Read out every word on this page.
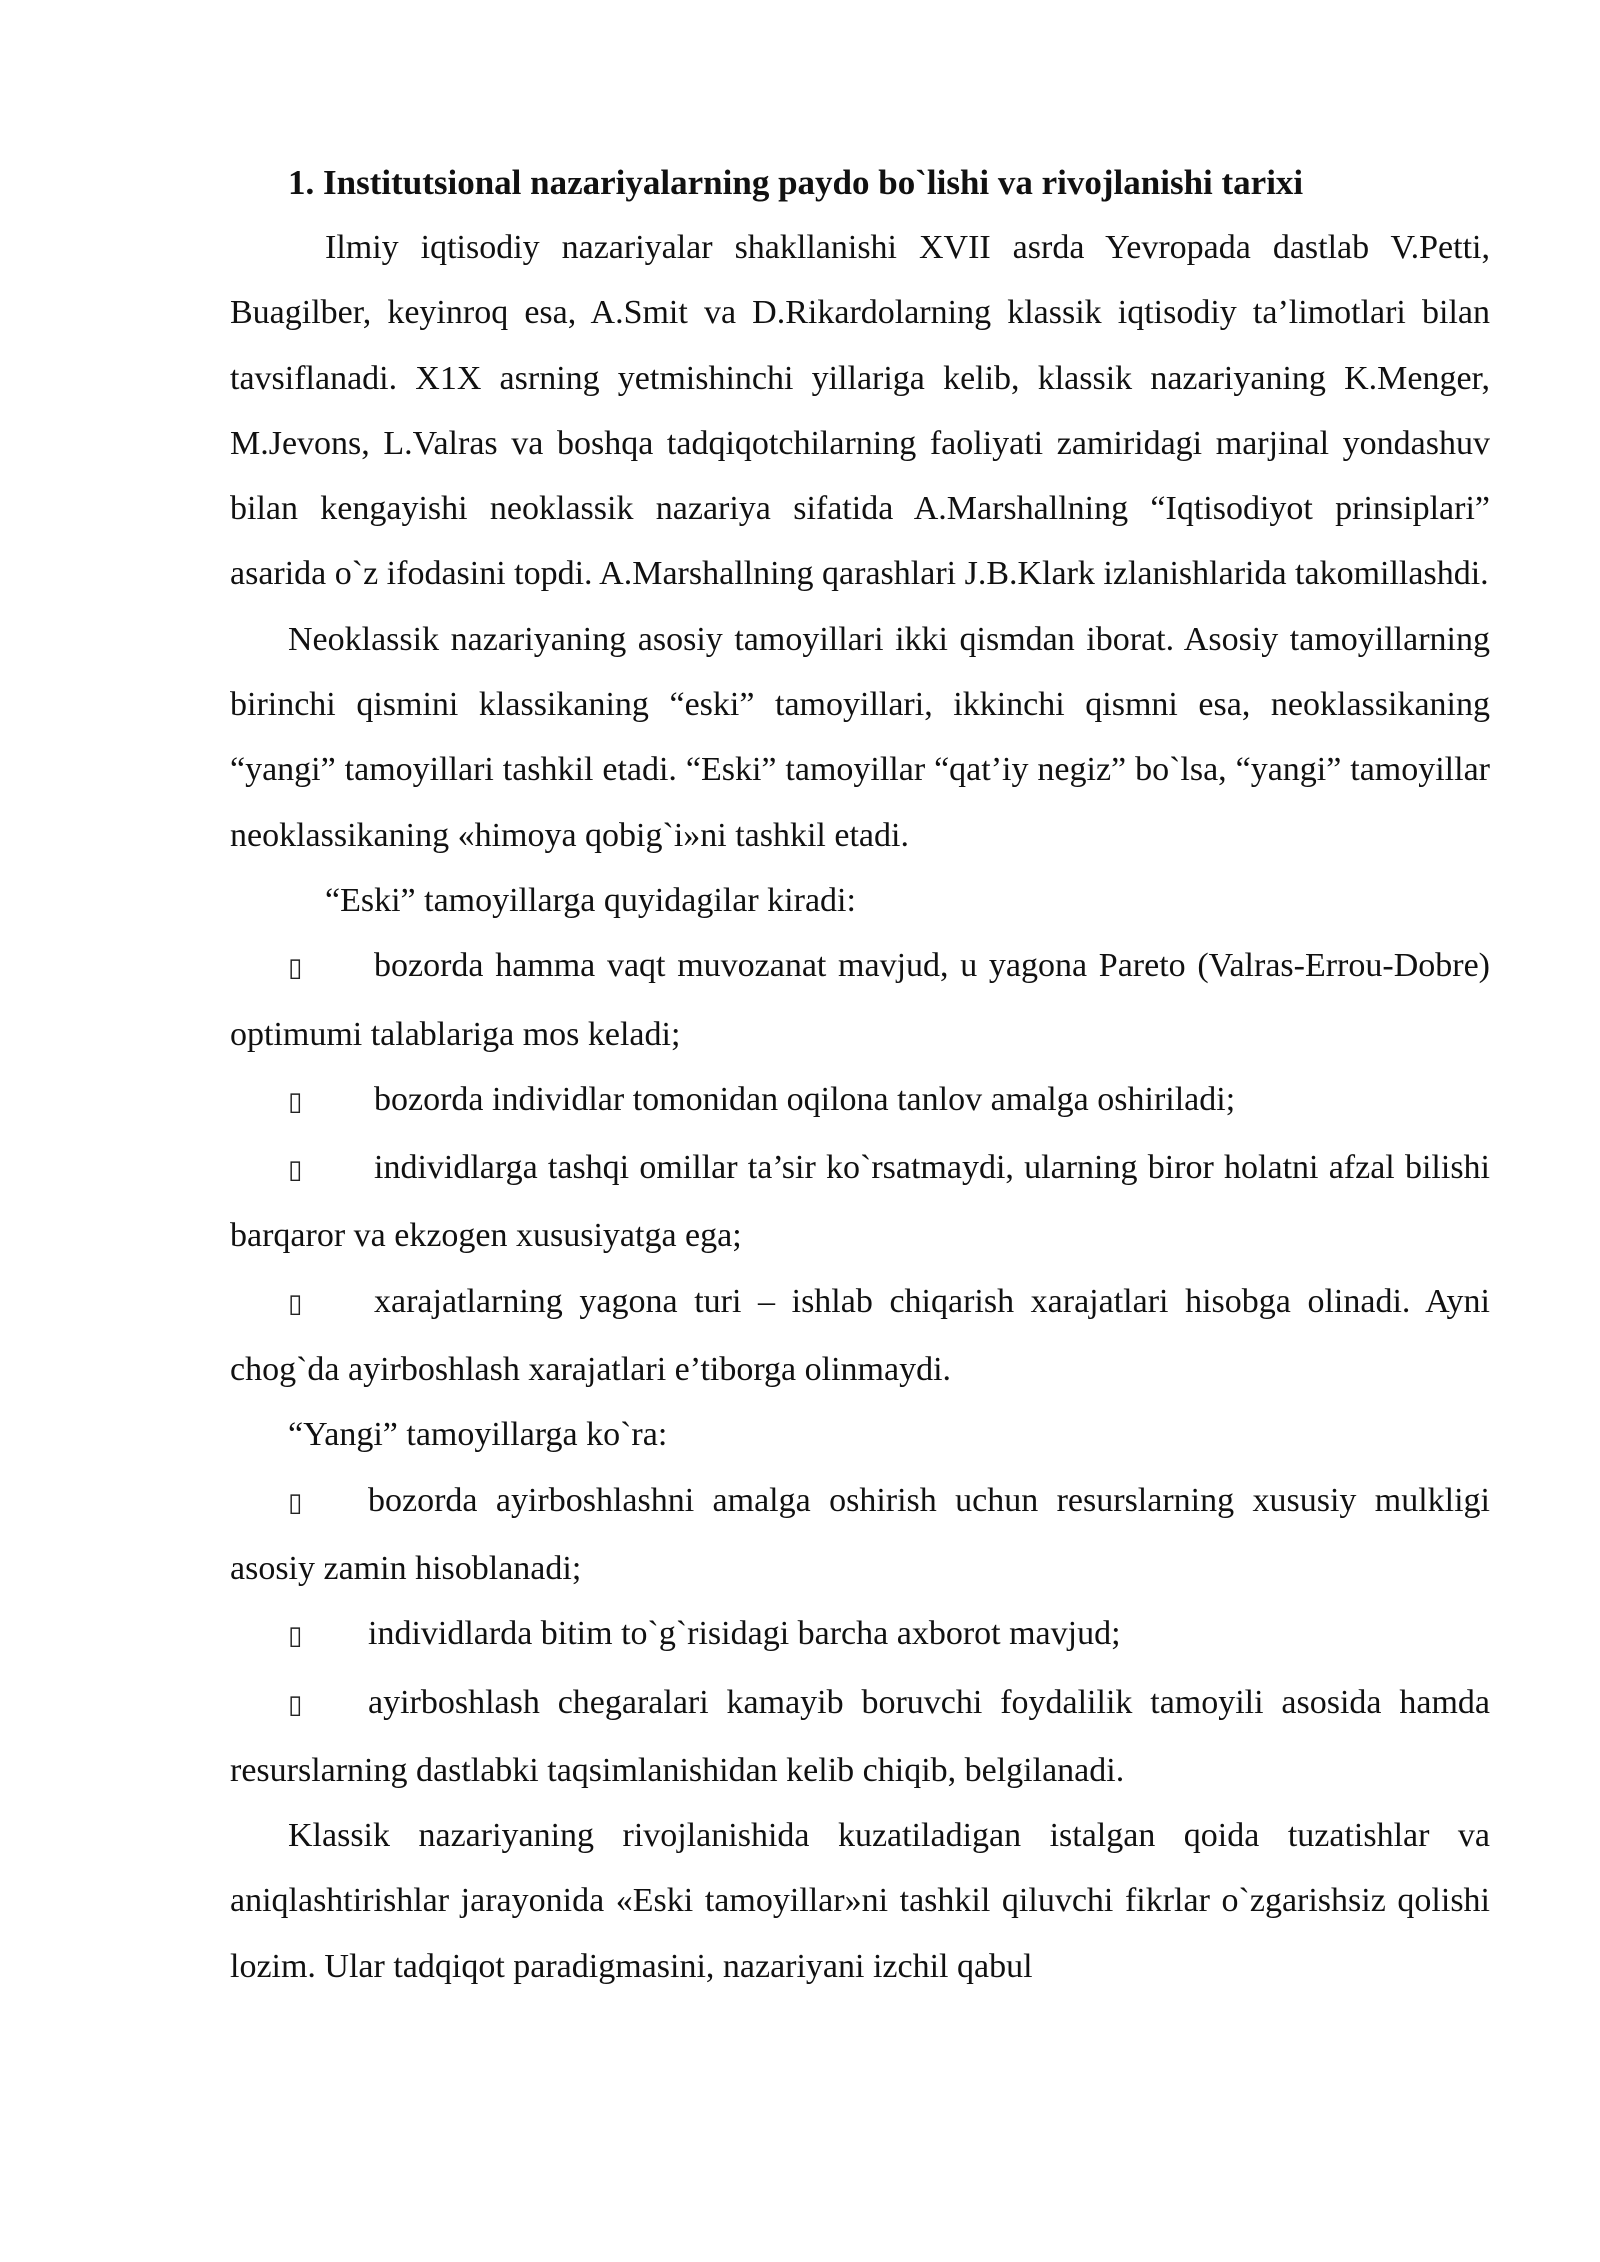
1. Institutsional nazariyalarning paydo bo`lishi va rivojlanishi tarixi

Ilmiy iqtisodiy nazariyalar shakllanishi XVII asrda Yevropada dastlab V.Petti, Buagilber, keyinroq esa, A.Smit va D.Rikardolarning klassik iqtisodiy ta’limotlari bilan tavsiflanadi. X1X asrning yetmishinchi yillariga kelib, klassik nazariyaning K.Menger, M.Jevons, L.Valras va boshqa tadqiqotchilarning faoliyati zamiridagi marjinal yondashuv bilan kengayishi neoklassik nazariya sifatida A.Marshallning “Iqtisodiyot prinsiplari” asarida o`z ifodasini topdi. A.Marshallning qarashlari J.B.Klark izlanishlarida takomillashdi.

Neoklassik nazariyaning asosiy tamoyillari ikki qismdan iborat. Asosiy tamoyillarning birinchi qismini klassikaning “eski” tamoyillari, ikkinchi qismni esa, neoklassikaning “yangi” tamoyillari tashkil etadi. “Eski” tamoyillar “qat’iy negiz” bo`lsa, “yangi” tamoyillar neoklassikaning «himoya qobig`i»ni tashkil etadi.

“Eski” tamoyillarga quyidagilar kiradi:

▯ bozorda hamma vaqt muvozanat mavjud, u yagona Pareto (Valras-Errou-Dobre) optimumi talablariga mos keladi;

▯ bozorda individlar tomonidan oqilona tanlov amalga oshiriladi;

▯ individlarga tashqi omillar ta’sir ko`rsatmaydi, ularning biror holatni afzal bilishi barqaror va ekzogen xususiyatga ega;

▯ xarajatlarning yagona turi – ishlab chiqarish xarajatlari hisobga olinadi. Ayni chog`da ayirboshlash xarajatlari e’tiborga olinmaydi.

“Yangi” tamoyillarga ko`ra:

▯ bozorda ayirboshlashni amalga oshirish uchun resurslarning xususiy mulkligi asosiy zamin hisoblanadi;

▯ individlarda bitim to`g`risidagi barcha axborot mavjud;

▯ ayirboshlash chegaralari kamayib boruvchi foydalilik tamoyili asosida hamda resurslarning dastlabki taqsimlanishidan kelib chiqib, belgilanadi.

Klassik nazariyaning rivojlanishida kuzatiladigan istalgan qoida tuzatishlar va aniqlashtirishlar jarayonida «Eski tamoyillar»ni tashkil qiluvchi fikrlar o`zgarishsiz qolishi lozim. Ular tadqiqot paradigmasini, nazariyani izchil qabul
